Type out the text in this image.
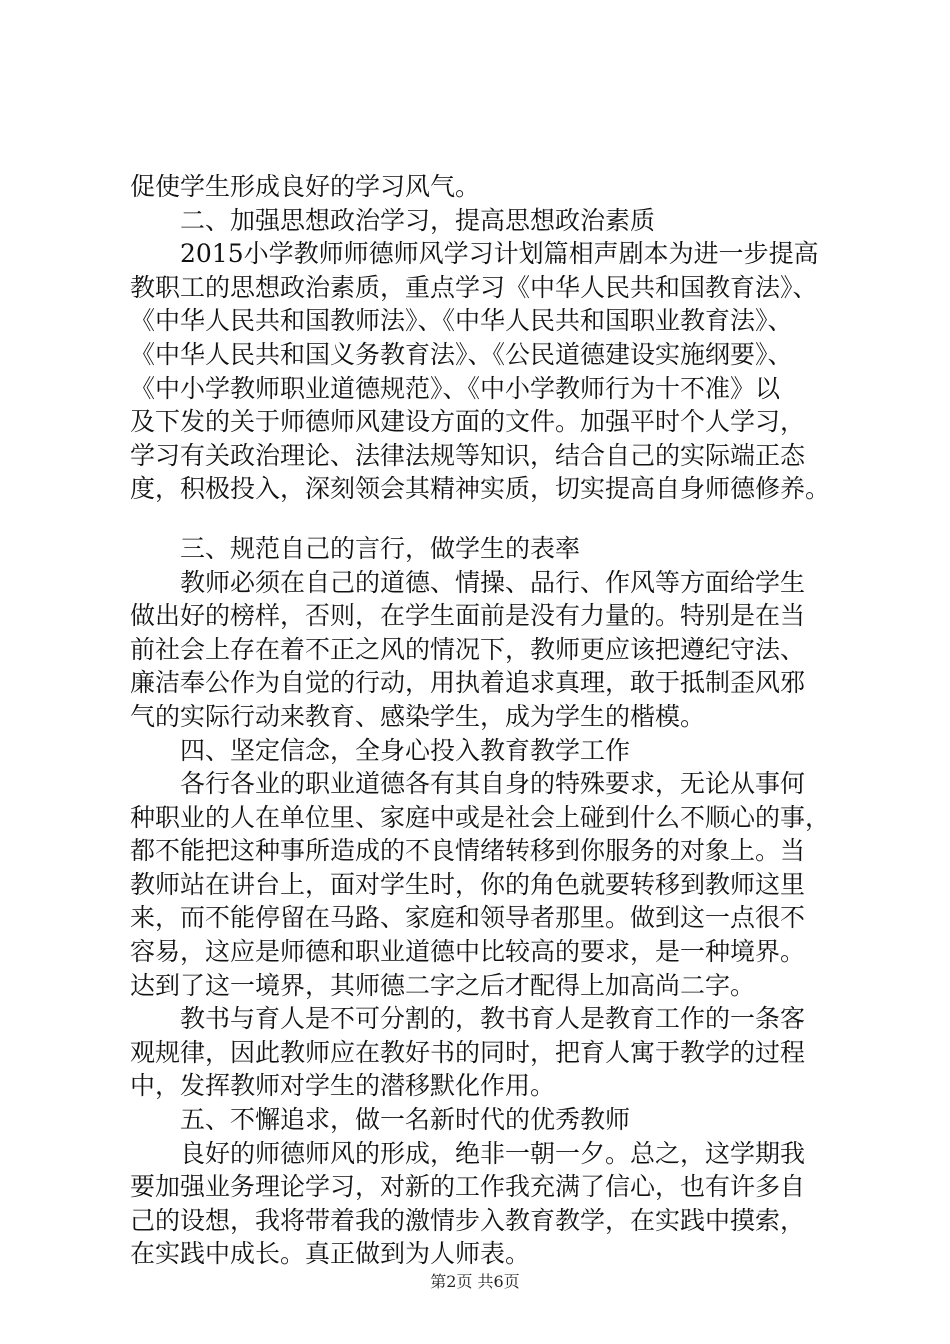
促使学生形成良好的学习风气。
　　二、加强思想政治学习，提高思想政治素质
　　2015小学教师师德师风学习计划篇相声剧本为进一步提高
教职工的思想政治素质，重点学习《中华人民共和国教育法》、
《中华人民共和国教师法》、《中华人民共和国职业教育法》、
《中华人民共和国义务教育法》、《公民道德建设实施纲要》、
《中小学教师职业道德规范》、《中小学教师行为十不准》以
及下发的关于师德师风建设方面的文件。加强平时个人学习，
学习有关政治理论、法律法规等知识，结合自己的实际端正态
度，积极投入，深刻领会其精神实质，切实提高自身师德修养。
　　三、规范自己的言行，做学生的表率
　　教师必须在自己的道德、情操、品行、作风等方面给学生
做出好的榜样，否则，在学生面前是没有力量的。特别是在当
前社会上存在着不正之风的情况下，教师更应该把遵纪守法、
廉洁奉公作为自觉的行动，用执着追求真理，敢于抵制歪风邪
气的实际行动来教育、感染学生，成为学生的楷模。
　　四、坚定信念，全身心投入教育教学工作
　　各行各业的职业道德各有其自身的特殊要求，无论从事何
种职业的人在单位里、家庭中或是社会上碰到什么不顺心的事，
都不能把这种事所造成的不良情绪转移到你服务的对象上。当
教师站在讲台上，面对学生时，你的角色就要转移到教师这里
来，而不能停留在马路、家庭和领导者那里。做到这一点很不
容易，这应是师德和职业道德中比较高的要求，是一种境界。
达到了这一境界，其师德二字之后才配得上加高尚二字。
　　教书与育人是不可分割的，教书育人是教育工作的一条客
观规律，因此教师应在教好书的同时，把育人寓于教学的过程
中，发挥教师对学生的潜移默化作用。
　　五、不懈追求，做一名新时代的优秀教师
　　良好的师德师风的形成，绝非一朝一夕。总之，这学期我
要加强业务理论学习，对新的工作我充满了信心，也有许多自
己的设想，我将带着我的激情步入教育教学，在实践中摸索，
在实践中成长。真正做到为人师表。
第2页 共6页
